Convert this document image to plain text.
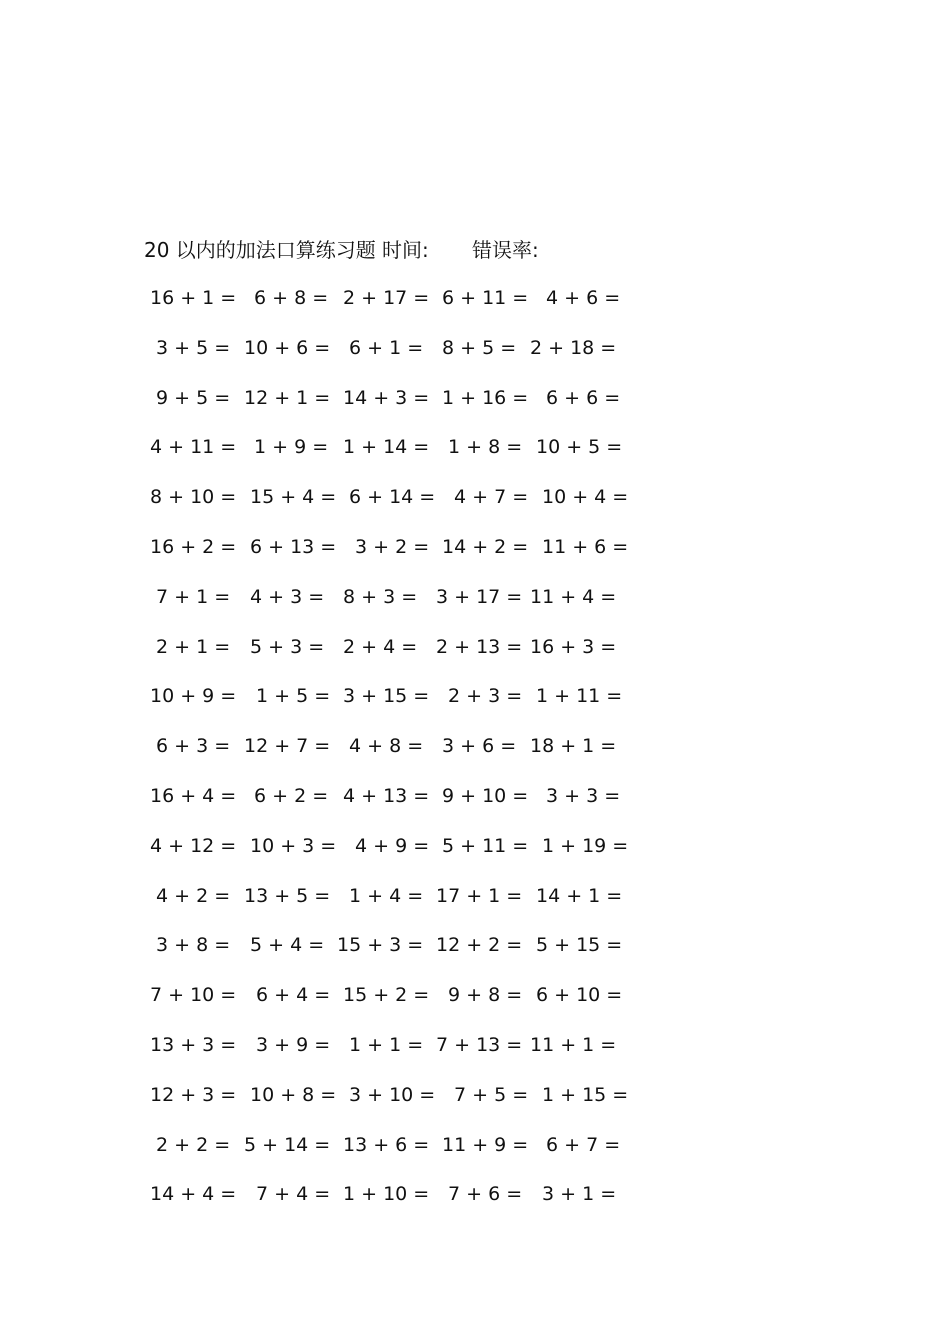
20 以内的加法口算练习题 时间: 错误率:
16 + 1 = 6 + 8 = 2 + 17 = 6 + 11 = 4 + 6 =
3 + 5 = 10 + 6 = 6 + 1 = 8 + 5 = 2 + 18 =
9 + 5 = 12 + 1 = 14 + 3 = 1 + 16 = 6 + 6 =
4 + 11 = 1 + 9 = 1 + 14 = 1 + 8 = 10 + 5 =
8 + 10 = 15 + 4 = 6 + 14 = 4 + 7 = 10 + 4 =
16 + 2 = 6 + 13 = 3 + 2 = 14 + 2 = 11 + 6 =
7 + 1 = 4 + 3 = 8 + 3 = 3 + 17 = 11 + 4 =
2 + 1 = 5 + 3 = 2 + 4 = 2 + 13 = 16 + 3 =
10 + 9 = 1 + 5 = 3 + 15 = 2 + 3 = 1 + 11 =
6 + 3 = 12 + 7 = 4 + 8 = 3 + 6 = 18 + 1 =
16 + 4 = 6 + 2 = 4 + 13 = 9 + 10 = 3 + 3 =
4 + 12 = 10 + 3 = 4 + 9 = 5 + 11 = 1 + 19 =
4 + 2 = 13 + 5 = 1 + 4 = 17 + 1 = 14 + 1 =
3 + 8 = 5 + 4 = 15 + 3 = 12 + 2 = 5 + 15 =
7 + 10 = 6 + 4 = 15 + 2 = 9 + 8 = 6 + 10 =
13 + 3 = 3 + 9 = 1 + 1 = 7 + 13 = 11 + 1 =
12 + 3 = 10 + 8 = 3 + 10 = 7 + 5 = 1 + 15 =
2 + 2 = 5 + 14 = 13 + 6 = 11 + 9 = 6 + 7 =
14 + 4 = 7 + 4 = 1 + 10 = 7 + 6 = 3 + 1 =
